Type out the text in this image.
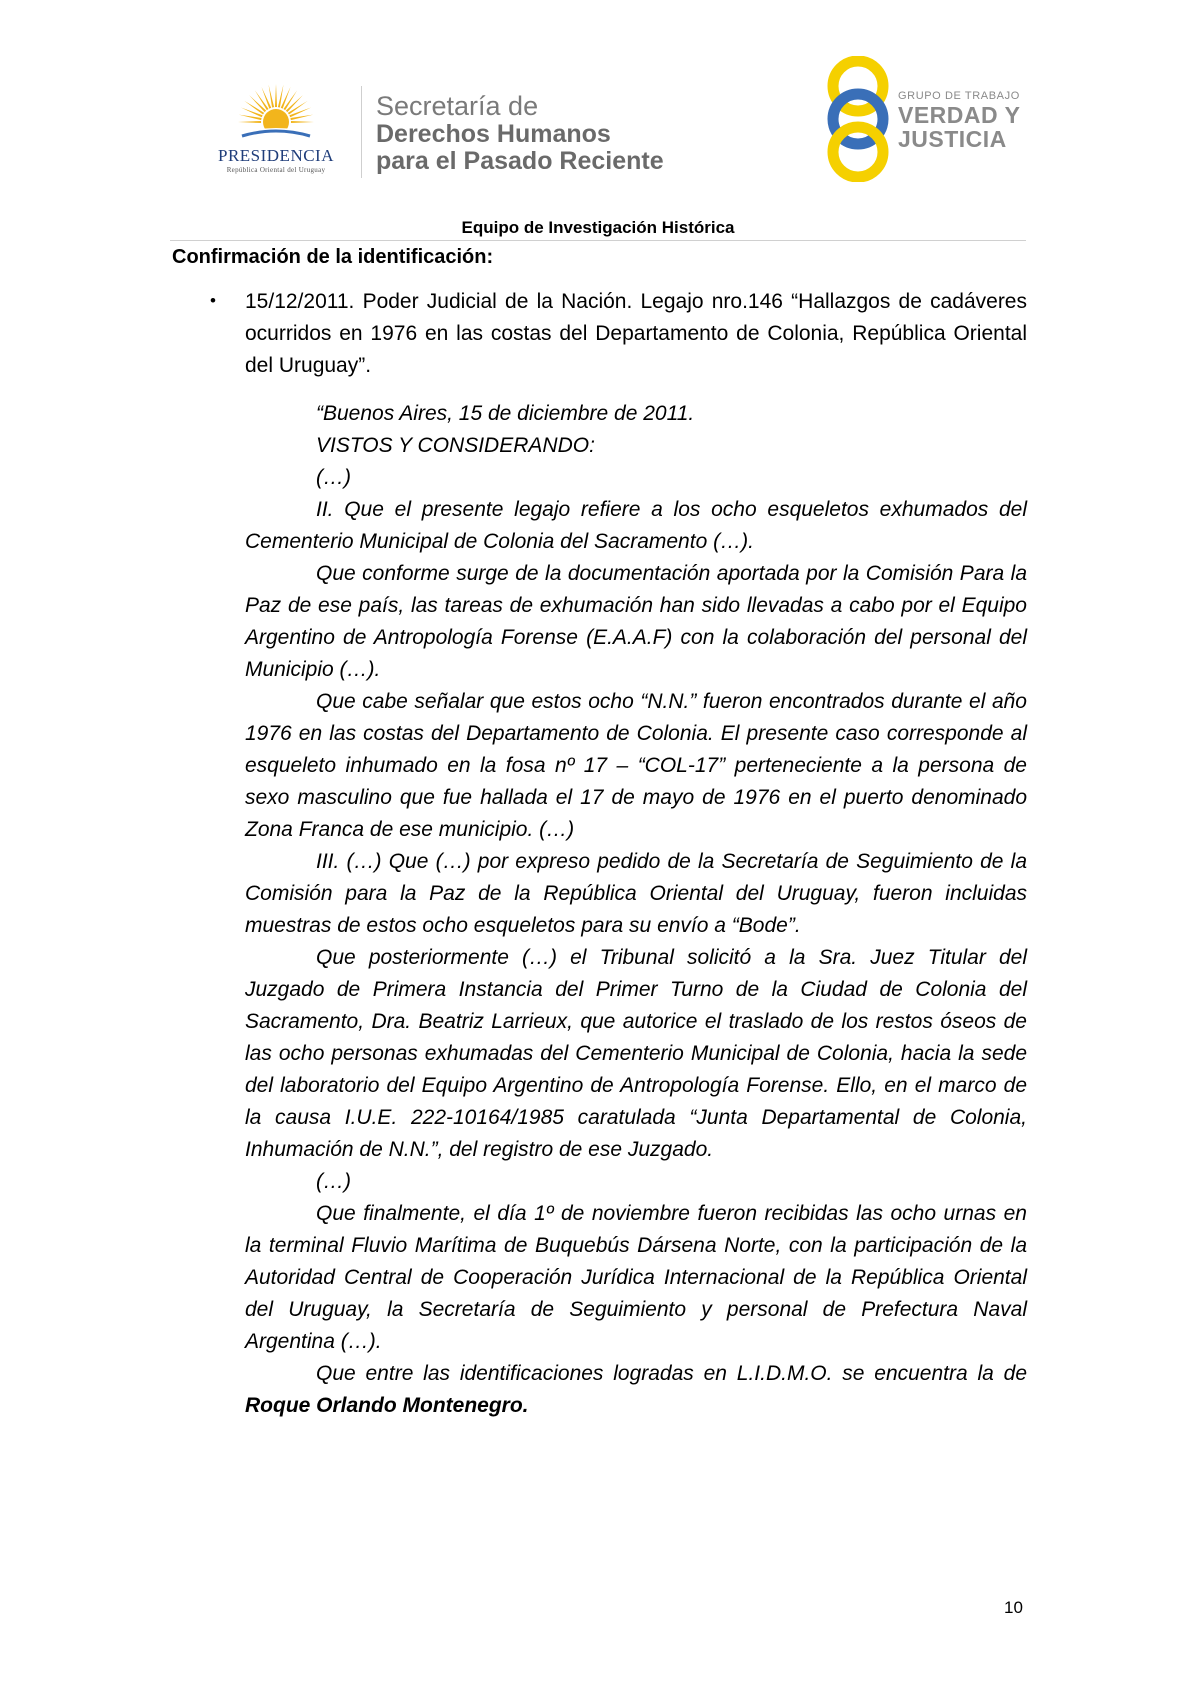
PRESIDENCIA
República Oriental del Uruguay
Secretaría de
Derechos Humanos
para el Pasado Reciente
GRUPO DE TRABAJO
VERDAD Y
JUSTICIA
Equipo de Investigación Histórica
Confirmación de la identificación:
• 15/12/2011. Poder Judicial de la Nación. Legajo nro.146 “Hallazgos de cadáveres ocurridos en 1976 en las costas del Departamento de Colonia, República Oriental del Uruguay”.

“Buenos Aires, 15 de diciembre de 2011.

VISTOS Y CONSIDERANDO:

(…)

II. Que el presente legajo refiere a los ocho esqueletos exhumados del Cementerio Municipal de Colonia del Sacramento (…).

Que conforme surge de la documentación aportada por la Comisión Para la Paz de ese país, las tareas de exhumación han sido llevadas a cabo por el Equipo Argentino de Antropología Forense (E.A.A.F) con la colaboración del personal del Municipio (…).

Que cabe señalar que estos ocho “N.N.” fueron encontrados durante el año 1976 en las costas del Departamento de Colonia. El presente caso corresponde al esqueleto inhumado en la fosa nº 17 – “COL-17” perteneciente a la persona de sexo masculino que fue hallada el 17 de mayo de 1976 en el puerto denominado Zona Franca de ese municipio. (…)

III. (…) Que (…) por expreso pedido de la Secretaría de Seguimiento de la Comisión para la Paz de la República Oriental del Uruguay, fueron incluidas muestras de estos ocho esqueletos para su envío a “Bode”.

Que posteriormente (…) el Tribunal solicitó a la Sra. Juez Titular del Juzgado de Primera Instancia del Primer Turno de la Ciudad de Colonia del Sacramento, Dra. Beatriz Larrieux, que autorice el traslado de los restos óseos de las ocho personas exhumadas del Cementerio Municipal de Colonia, hacia la sede del laboratorio del Equipo Argentino de Antropología Forense. Ello, en el marco de la causa I.U.E. 222-10164/1985 caratulada “Junta Departamental de Colonia, Inhumación de N.N.”, del registro de ese Juzgado.

(…)

Que finalmente, el día 1º de noviembre fueron recibidas las ocho urnas en la terminal Fluvio Marítima de Buquebús Dársena Norte, con la participación de la Autoridad Central de Cooperación Jurídica Internacional de la República Oriental del Uruguay, la Secretaría de Seguimiento y personal de Prefectura Naval Argentina (…).

Que entre las identificaciones logradas en L.I.D.M.O. se encuentra la de Roque Orlando Montenegro.

10
